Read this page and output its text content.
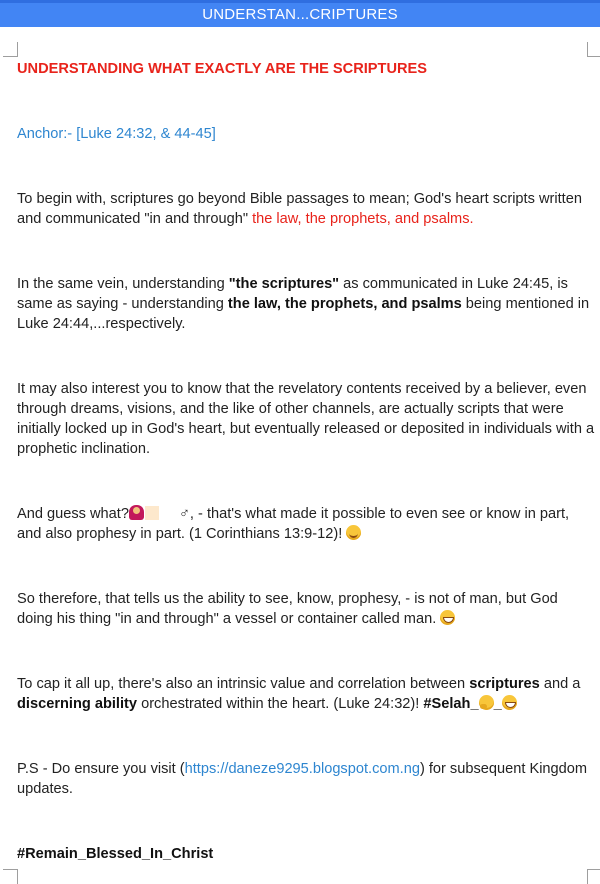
UNDERSTAN...CRIPTURES

UNDERSTANDING WHAT EXACTLY ARE THE SCRIPTURES

Anchor:- [Luke 24:32, & 44-45]

To begin with, scriptures go beyond Bible passages to mean; God's heart scripts written and communicated "in and through" the law, the prophets, and psalms.

In the same vein, understanding "the scriptures" as communicated in Luke 24:45, is same as saying - understanding the law, the prophets, and psalms being mentioned in Luke 24:44,...respectively.

It may also interest you to know that the revelatory contents received by a believer, even through dreams, visions, and the like of other channels, are actually scripts that were initially locked up in God's heart, but eventually released or deposited in individuals with a prophetic inclination.

And guess what?	♂, - that's what made it possible to even see or know in part, and also prophesy in part. (1 Corinthians 13:9-12)!

So therefore, that tells us the ability to see, know, prophesy, - is not of man, but God doing his thing "in and through" a vessel or container called man.

To cap it all up, there's also an intrinsic value and correlation between scriptures and a discerning ability orchestrated within the heart. (Luke 24:32)! #Selah_ _

P.S - Do ensure you visit (https://daneze9295.blogspot.com.ng) for subsequent Kingdom updates.

#Remain_Blessed_In_Christ
